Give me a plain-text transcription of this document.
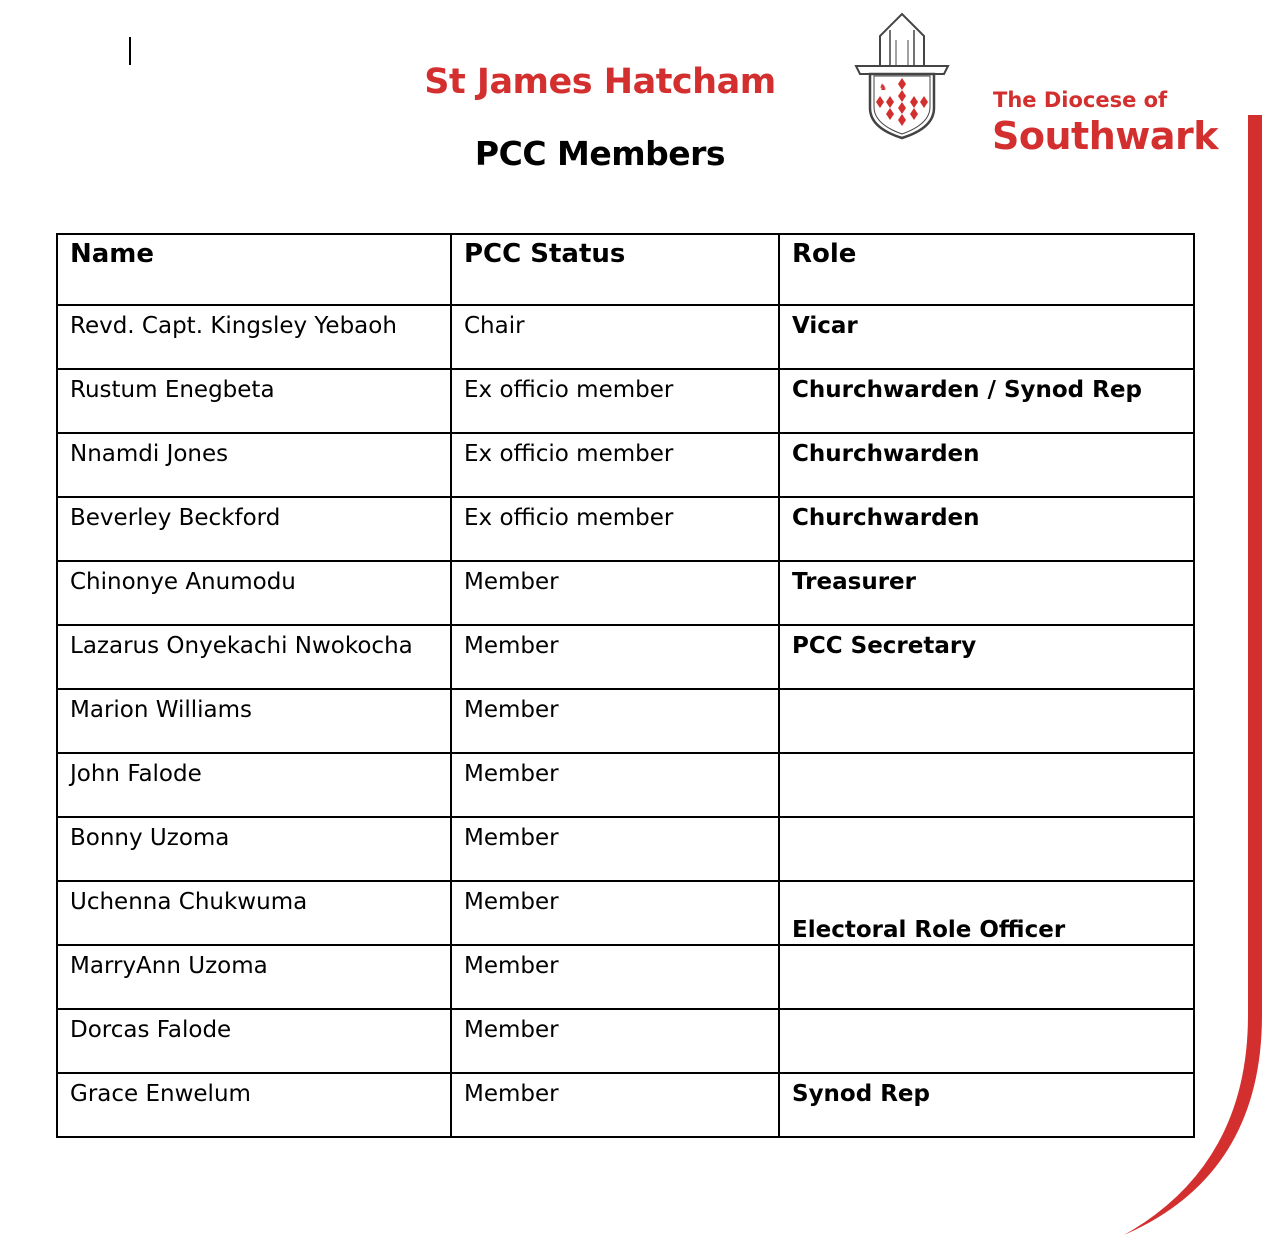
St James Hatcham
PCC Members
♞	The Diocese of
Southwark
Name	PCC Status	Role
Revd. Capt. Kingsley Yebaoh	Chair	Vicar
Rustum Enegbeta	Ex officio member	Churchwarden / Synod Rep
Nnamdi Jones	Ex officio member	Churchwarden
Beverley Beckford	Ex officio member	Churchwarden
Chinonye Anumodu	Member	Treasurer
Lazarus Onyekachi Nwokocha	Member	PCC Secretary
Marion Williams	Member	
John Falode	Member	
Bonny Uzoma	Member	
Uchenna Chukwuma	Member	Electoral Role Officer
MarryAnn Uzoma	Member	
Dorcas Falode	Member	
Grace Enwelum	Member	Synod Rep
